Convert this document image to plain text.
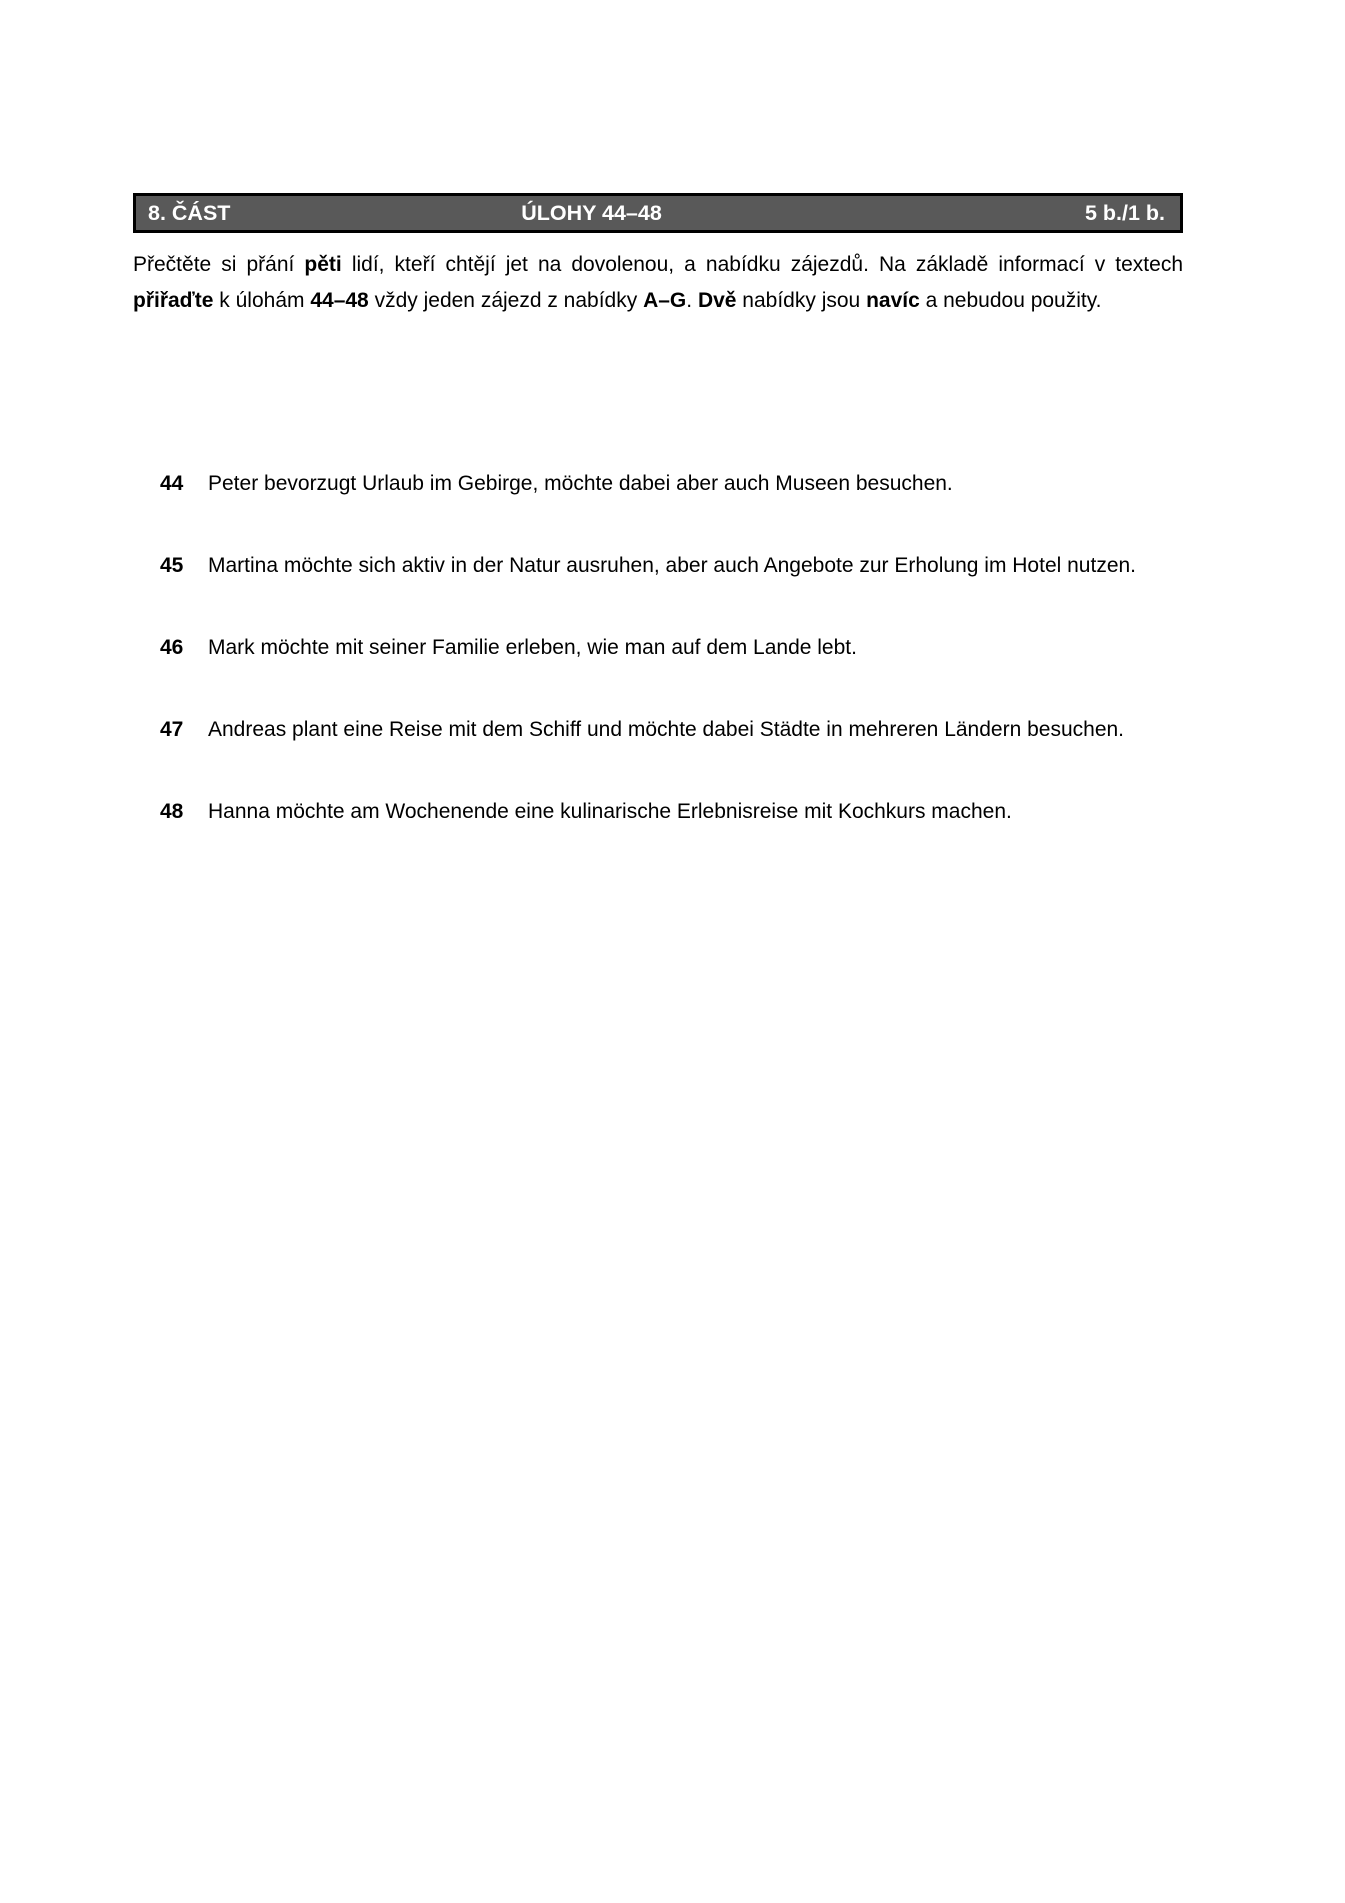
8. ČÁST	ÚLOHY 44–48	5 b./1 b.

Přečtěte si přání pěti lidí, kteří chtějí jet na dovolenou, a nabídku zájezdů. Na základě informací v textech přiřaďte k úlohám 44–48 vždy jeden zájezd z nabídky A–G. Dvě nabídky jsou navíc a nebudou použity.

44	Peter bevorzugt Urlaub im Gebirge, möchte dabei aber auch Museen besuchen.
45	Martina möchte sich aktiv in der Natur ausruhen, aber auch Angebote zur Erholung im Hotel nutzen.
46	Mark möchte mit seiner Familie erleben, wie man auf dem Lande lebt.
47	Andreas plant eine Reise mit dem Schiff und möchte dabei Städte in mehreren Ländern besuchen.
48	Hanna möchte am Wochenende eine kulinarische Erlebnisreise mit Kochkurs machen.
